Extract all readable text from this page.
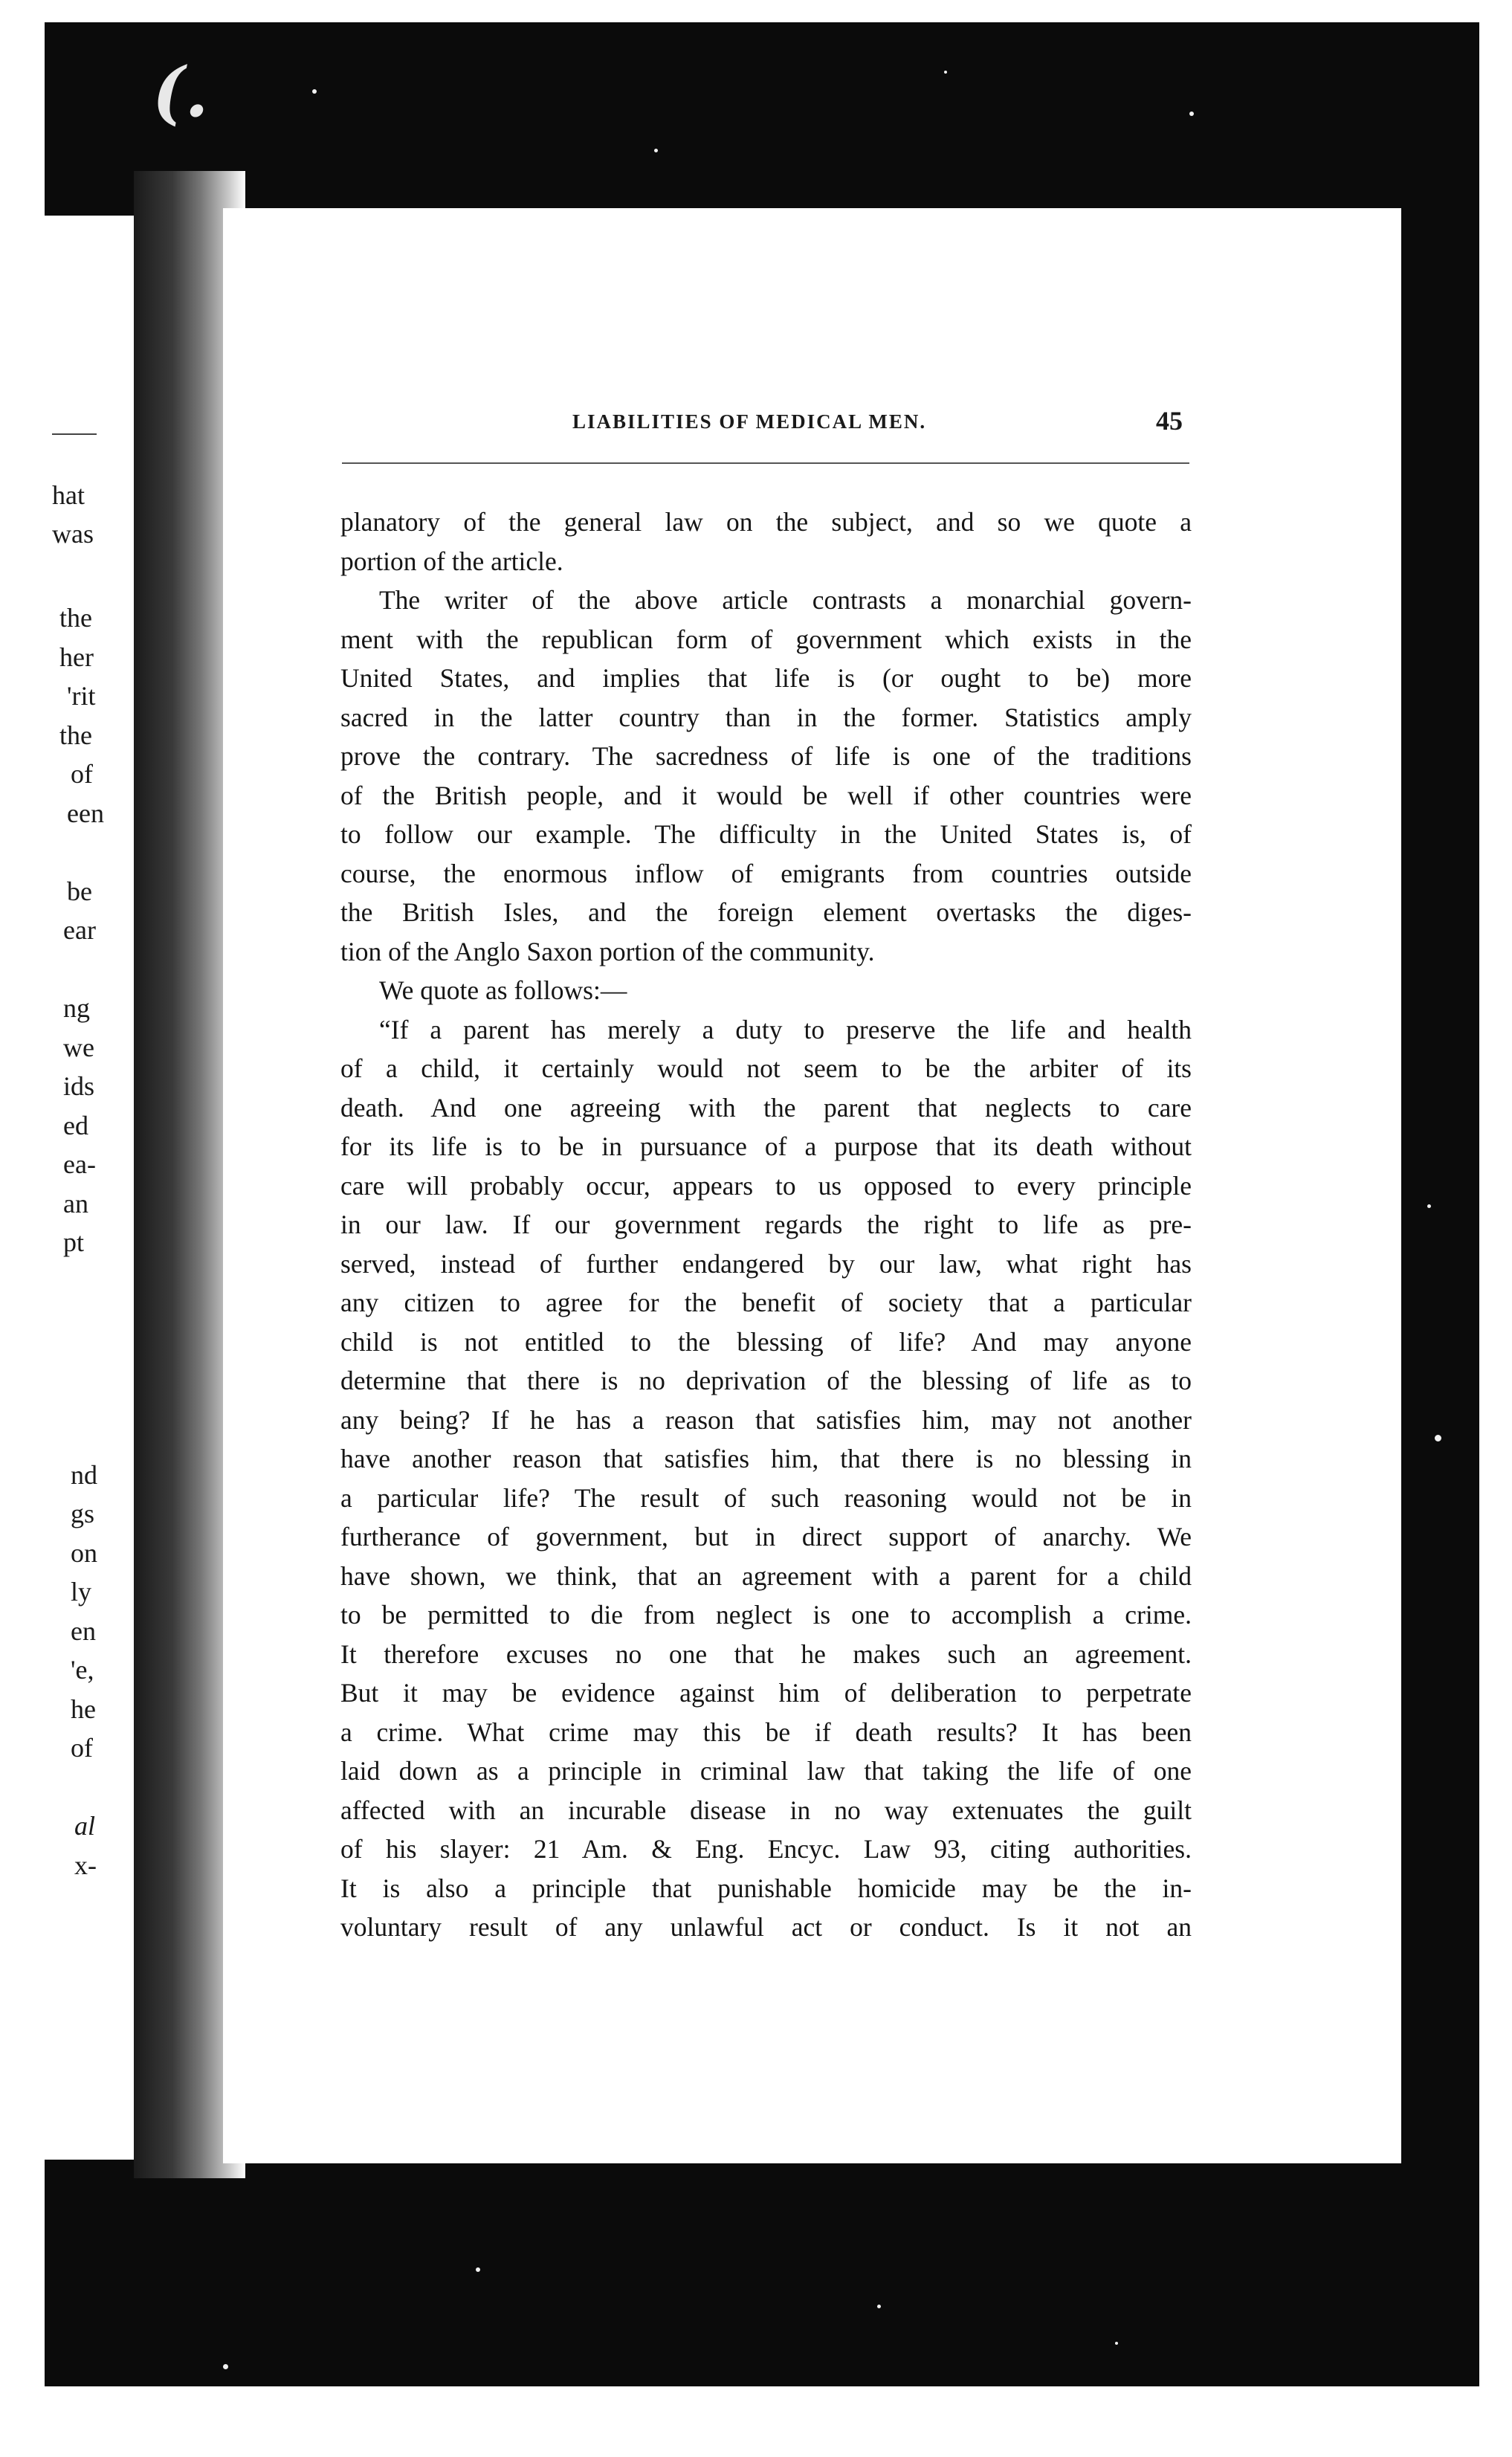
(.
hat
was
the
her
'rit
the
of
een
be
ear
ng
we
ids
ed
ea-
an
pt
nd
gs
on
ly
en
'e,
he
of
al
x-
LIABILITIES OF MEDICAL MEN.	45
planatory of the general law on the subject, and so we quote a
portion of the article.
The writer of the above article contrasts a monarchial govern-
ment with the republican form of government which exists in the
United States, and implies that life is (or ought to be) more
sacred in the latter country than in the former. Statistics amply
prove the contrary. The sacredness of life is one of the traditions
of the British people, and it would be well if other countries were
to follow our example. The difficulty in the United States is, of
course, the enormous inflow of emigrants from countries outside
the British Isles, and the foreign element overtasks the diges-
tion of the Anglo Saxon portion of the community.
We quote as follows:—
“If a parent has merely a duty to preserve the life and health
of a child, it certainly would not seem to be the arbiter of its
death. And one agreeing with the parent that neglects to care
for its life is to be in pursuance of a purpose that its death without
care will probably occur, appears to us opposed to every principle
in our law. If our government regards the right to life as pre-
served, instead of further endangered by our law, what right has
any citizen to agree for the benefit of society that a particular
child is not entitled to the blessing of life? And may anyone
determine that there is no deprivation of the blessing of life as to
any being? If he has a reason that satisfies him, may not another
have another reason that satisfies him, that there is no blessing in
a particular life? The result of such reasoning would not be in
furtherance of government, but in direct support of anarchy. We
have shown, we think, that an agreement with a parent for a child
to be permitted to die from neglect is one to accomplish a crime.
It therefore excuses no one that he makes such an agreement.
But it may be evidence against him of deliberation to perpetrate
a crime. What crime may this be if death results? It has been
laid down as a principle in criminal law that taking the life of one
affected with an incurable disease in no way extenuates the guilt
of his slayer: 21 Am. & Eng. Encyc. Law 93, citing authorities.
It is also a principle that punishable homicide may be the in-
voluntary result of any unlawful act or conduct. Is it not an
